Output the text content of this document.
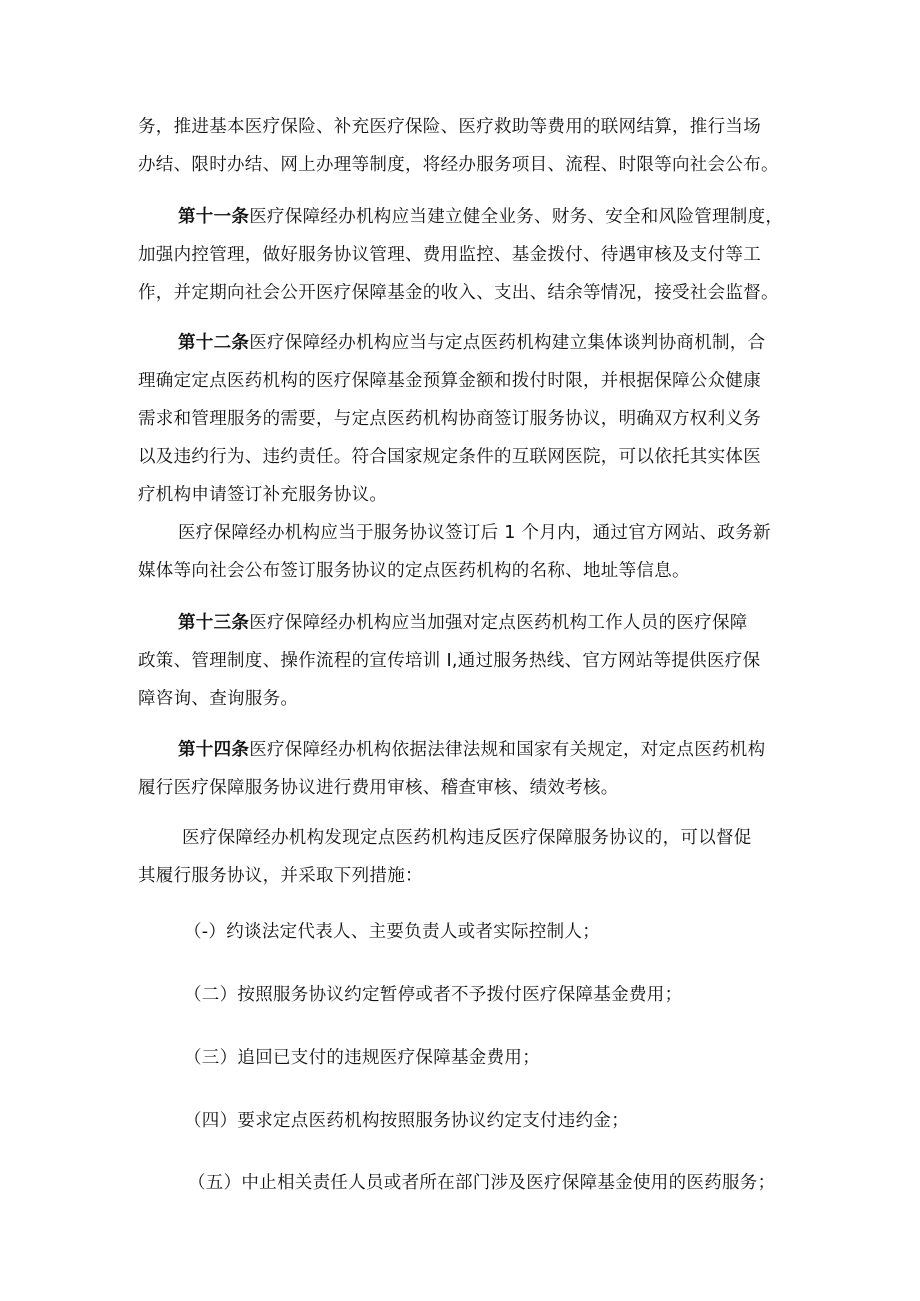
务，推进基本医疗保险、补充医疗保险、医疗救助等费用的联网结算，推行当场
办结、限时办结、网上办理等制度，将经办服务项目、流程、时限等向社会公布。
第十一条医疗保障经办机构应当建立健全业务、财务、安全和风险管理制度，
加强内控管理，做好服务协议管理、费用监控、基金拨付、待遇审核及支付等工
作，并定期向社会公开医疗保障基金的收入、支出、结余等情况，接受社会监督。
第十二条医疗保障经办机构应当与定点医药机构建立集体谈判协商机制，合
理确定定点医药机构的医疗保障基金预算金额和拨付时限，并根据保障公众健康
需求和管理服务的需要，与定点医药机构协商签订服务协议，明确双方权利义务
以及违约行为、违约责任。符合国家规定条件的互联网医院，可以依托其实体医
疗机构申请签订补充服务协议。
医疗保障经办机构应当于服务协议签订后 1 个月内，通过官方网站、政务新
媒体等向社会公布签订服务协议的定点医药机构的名称、地址等信息。
第十三条医疗保障经办机构应当加强对定点医药机构工作人员的医疗保障
政策、管理制度、操作流程的宣传培训 I,通过服务热线、官方网站等提供医疗保
障咨询、查询服务。
第十四条医疗保障经办机构依据法律法规和国家有关规定，对定点医药机构
履行医疗保障服务协议进行费用审核、稽查审核、绩效考核。
医疗保障经办机构发现定点医药机构违反医疗保障服务协议的，可以督促
其履行服务协议，并采取下列措施：

（-）约谈法定代表人、主要负责人或者实际控制人；

（二）按照服务协议约定暂停或者不予拨付医疗保障基金费用；

（三）追回已支付的违规医疗保障基金费用；

（四）要求定点医药机构按照服务协议约定支付违约金；

（五）中止相关责任人员或者所在部门涉及医疗保障基金使用的医药服务；
